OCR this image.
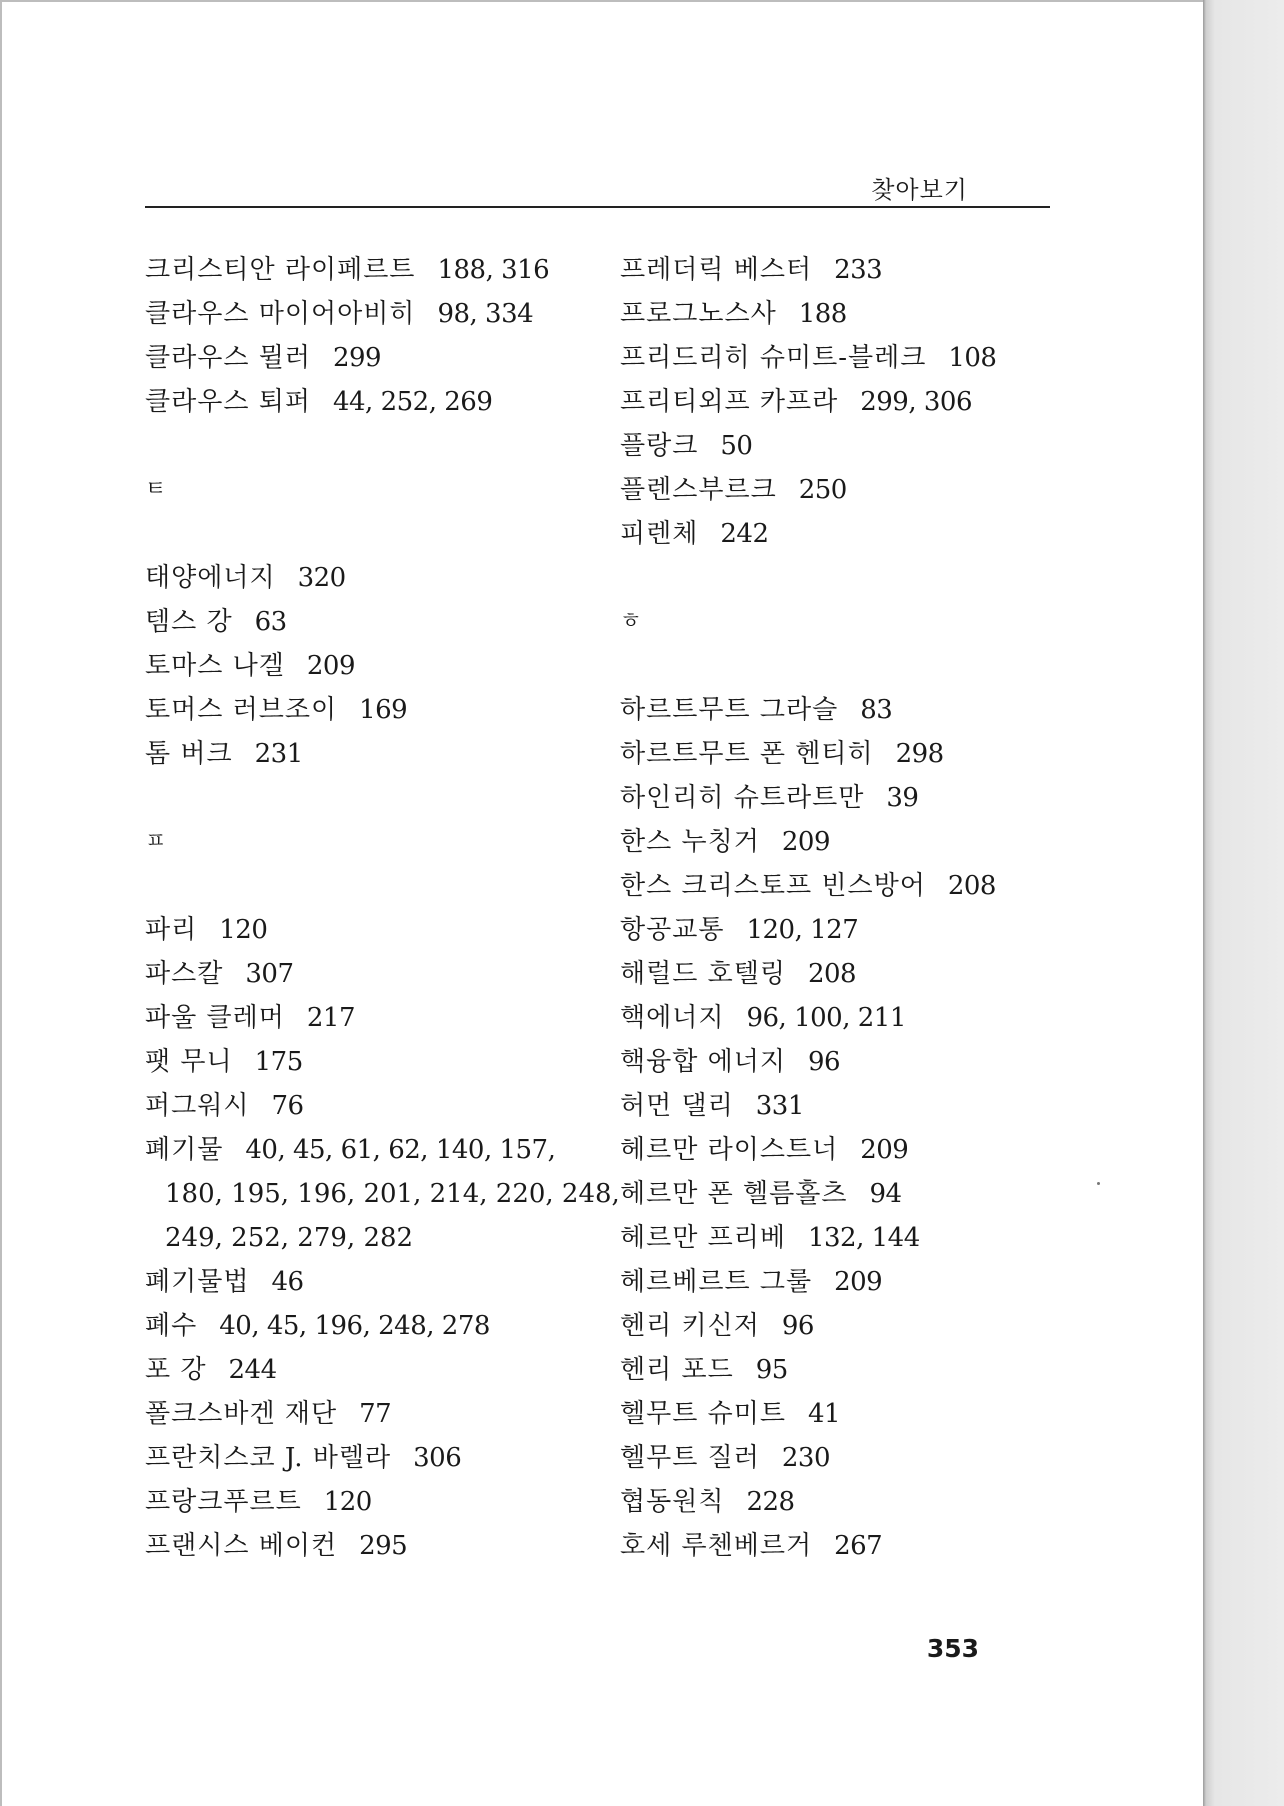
찾아보기
크리스티안 라이페르트 188, 316
클라우스 마이어아비히 98, 334
클라우스 뮐러 299
클라우스 퇴퍼 44, 252, 269
ㅌ
태양에너지 320
템스 강 63
토마스 나겔 209
토머스 러브조이 169
톰 버크 231
ㅍ
파리 120
파스칼 307
파울 클레머 217
팻 무니 175
퍼그워시 76
폐기물 40, 45, 61, 62, 140, 157,
180, 195, 196, 201, 214, 220, 248,
249, 252, 279, 282
폐기물법 46
폐수 40, 45, 196, 248, 278
포 강 244
폴크스바겐 재단 77
프란치스코 J. 바렐라 306
프랑크푸르트 120
프랜시스 베이컨 295
프레더릭 베스터 233
프로그노스사 188
프리드리히 슈미트-블레크 108
프리티외프 카프라 299, 306
플랑크 50
플렌스부르크 250
피렌체 242
ㅎ
하르트무트 그라슬 83
하르트무트 폰 헨티히 298
하인리히 슈트라트만 39
한스 누칭거 209
한스 크리스토프 빈스방어 208
항공교통 120, 127
해럴드 호텔링 208
핵에너지 96, 100, 211
핵융합 에너지 96
허먼 댈리 331
헤르만 라이스트너 209
헤르만 폰 헬름홀츠 94
헤르만 프리베 132, 144
헤르베르트 그룰 209
헨리 키신저 96
헨리 포드 95
헬무트 슈미트 41
헬무트 질러 230
협동원칙 228
호세 루첸베르거 267
353
